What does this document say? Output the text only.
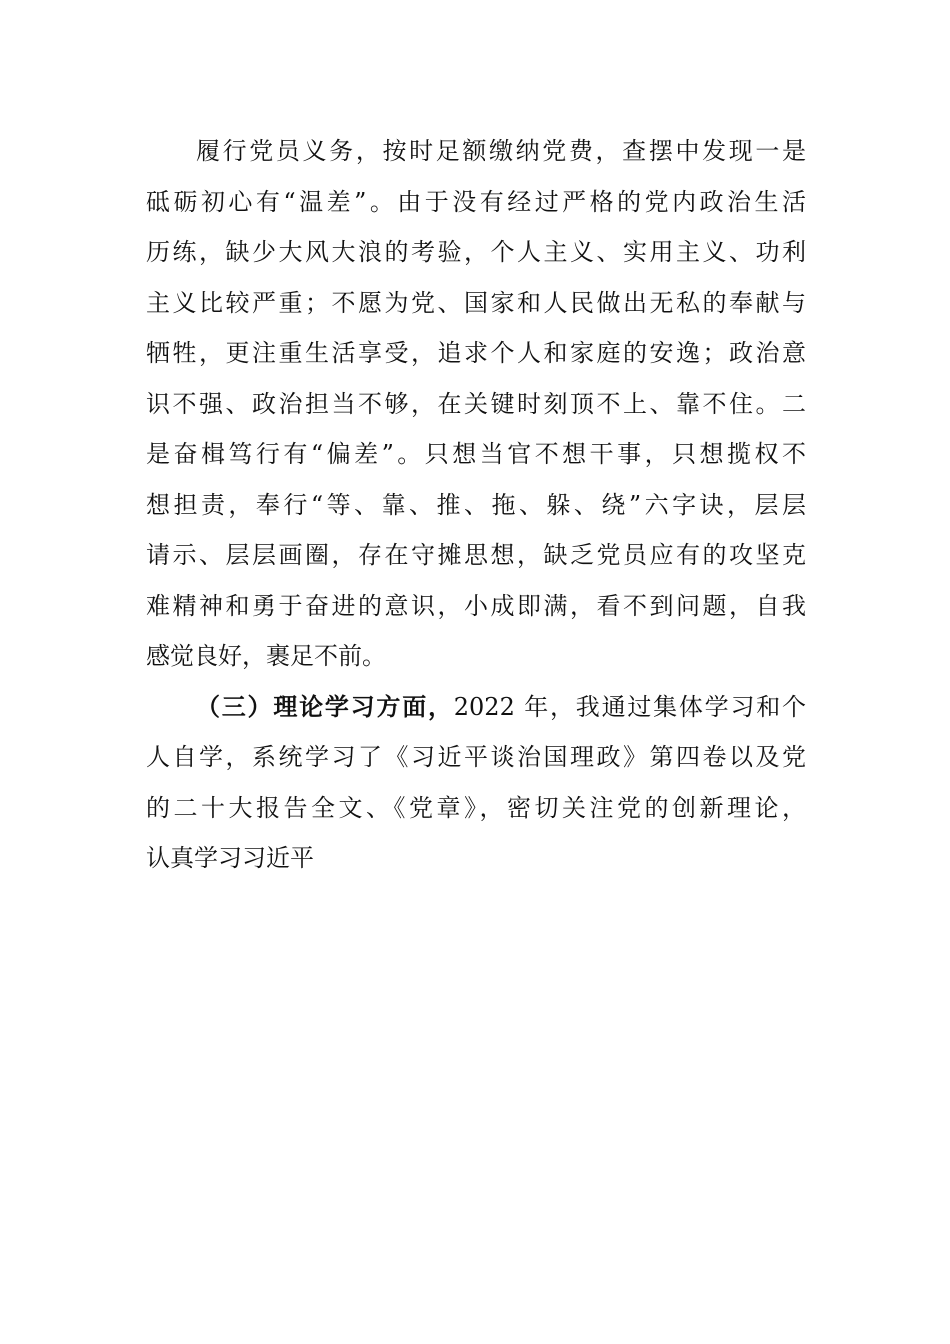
履行党员义务，按时足额缴纳党费，查摆中发现一是
砥砺初心有“温差”。由于没有经过严格的党内政治生活
历练，缺少大风大浪的考验，个人主义、实用主义、功利
主义比较严重；不愿为党、国家和人民做出无私的奉献与
牺牲，更注重生活享受，追求个人和家庭的安逸；政治意
识不强、政治担当不够，在关键时刻顶不上、靠不住。二
是奋楫笃行有“偏差”。只想当官不想干事，只想揽权不
想担责，奉行“等、靠、推、拖、躲、绕”六字诀，层层
请示、层层画圈，存在守摊思想，缺乏党员应有的攻坚克
难精神和勇于奋进的意识，小成即满，看不到问题，自我
感觉良好，裹足不前。
（三）理论学习方面，2022 年，我通过集体学习和个
人自学，系统学习了《习近平谈治国理政》第四卷以及党
的二十大报告全文、《党章》，密切关注党的创新理论，
认真学习习近平
